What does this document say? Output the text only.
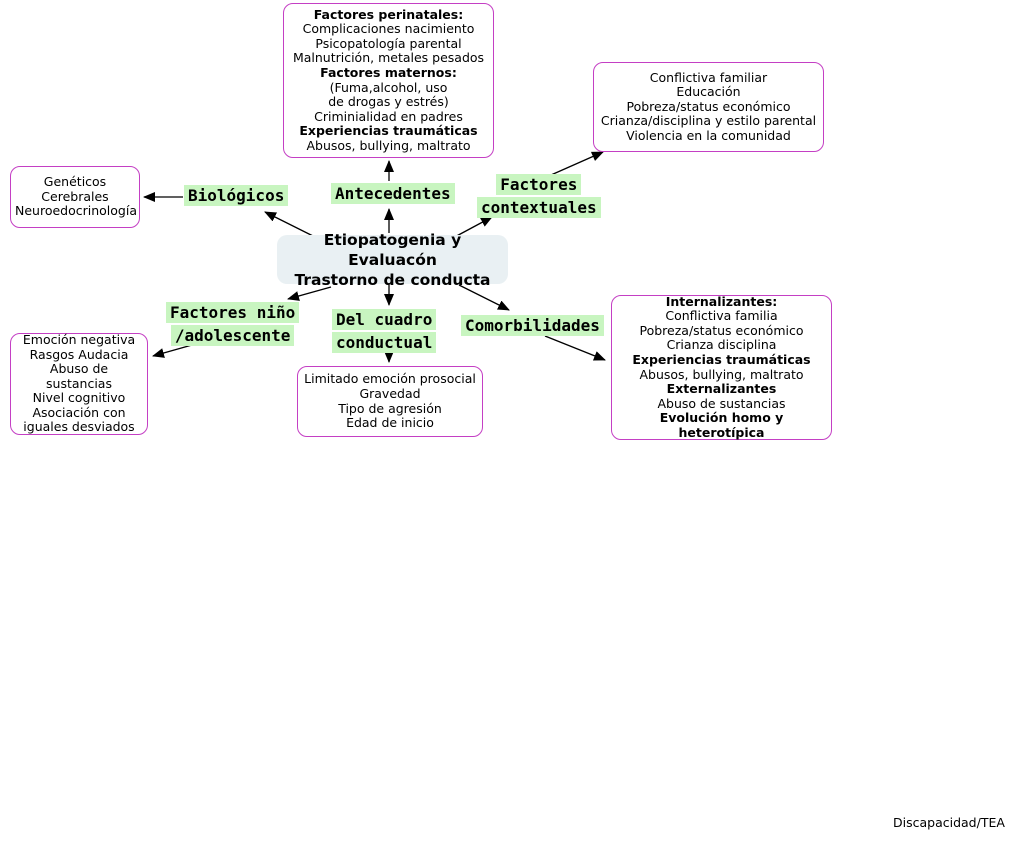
Factores perinatales:
Complicaciones nacimiento
Psicopatología parental
Malnutrición, metales pesados
Factores maternos:
(Fuma,alcohol, uso
de drogas y estrés)
Criminialidad en padres
Experiencias traumáticas
Abusos, bullying, maltrato
Conflictiva familiar
Educación
Pobreza/status económico
Crianza/disciplina y estilo parental
Violencia en la comunidad
Genéticos
Cerebrales
Neuroedocrinología
Emoción negativa
Rasgos Audacia
Abuso de sustancias
Nivel cognitivo
Asociación con
iguales desviados
Limitado emoción prosocial
Gravedad
Tipo de agresión
Edad de inicio
Internalizantes:
Conflictiva familia
Pobreza/status económico
Crianza disciplina
Experiencias traumáticas
Abusos, bullying, maltrato
Externalizantes
Abuso de sustancias
Evolución homo y heterotípica
Etiopatogenia y Evaluacón
Trastorno de conducta
Biológicos	Antecedentes	Factores
contextuales
Factores niño
/adolescente
Del cuadro
conductual
Comorbilidades
Discapacidad/TEA
